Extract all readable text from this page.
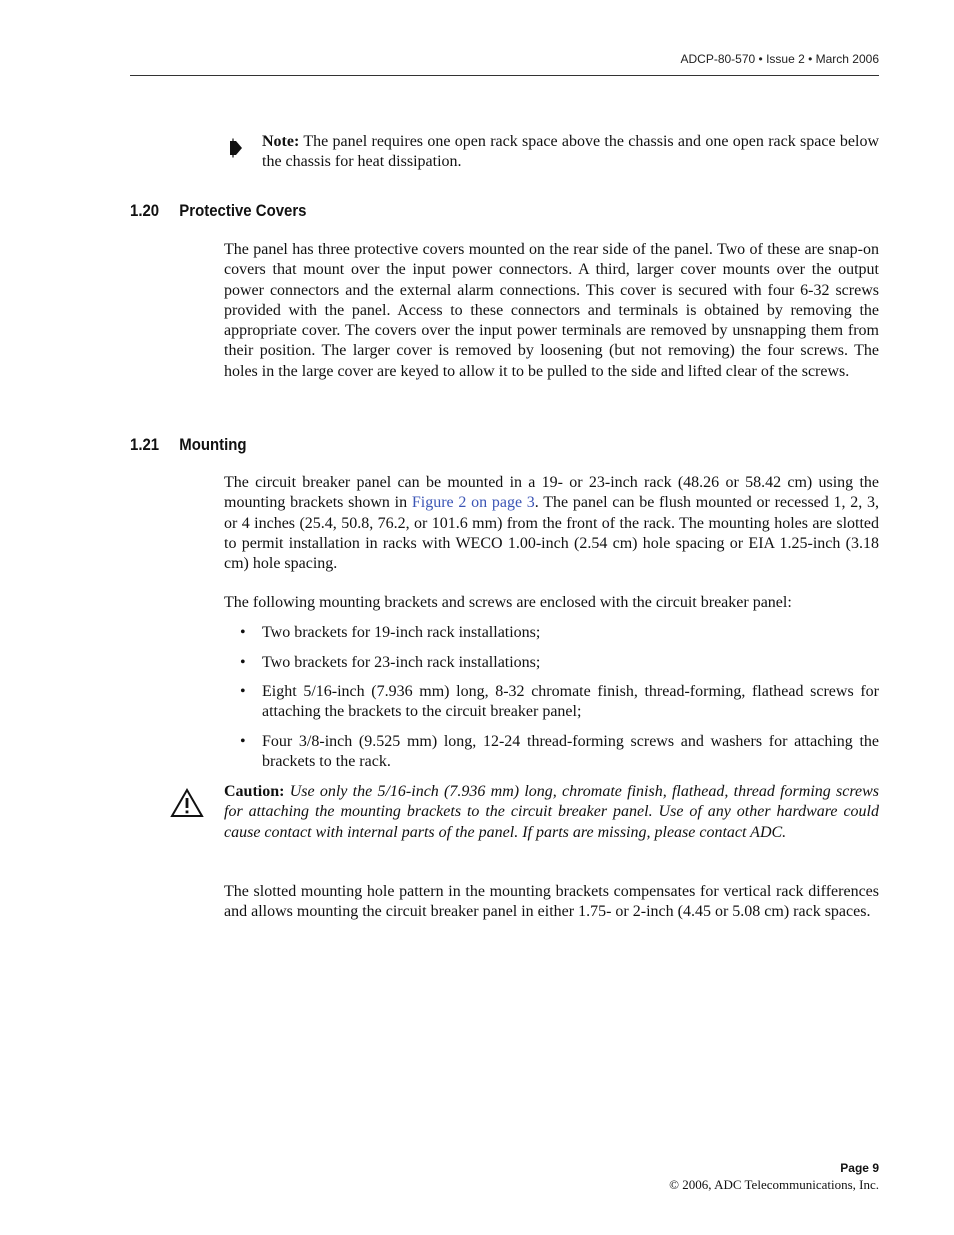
ADCP-80-570 • Issue 2 • March 2006
Note: The panel requires one open rack space above the chassis and one open rack space below the chassis for heat dissipation.
1.20 Protective Covers
The panel has three protective covers mounted on the rear side of the panel. Two of these are snap-on covers that mount over the input power connectors. A third, larger cover mounts over the output power connectors and the external alarm connections. This cover is secured with four 6-32 screws provided with the panel. Access to these connectors and terminals is obtained by removing the appropriate cover. The covers over the input power terminals are removed by unsnapping them from their position. The larger cover is removed by loosening (but not removing) the four screws. The holes in the large cover are keyed to allow it to be pulled to the side and lifted clear of the screws.
1.21 Mounting
The circuit breaker panel can be mounted in a 19- or 23-inch rack (48.26 or 58.42 cm) using the mounting brackets shown in Figure 2 on page 3. The panel can be flush mounted or recessed 1, 2, 3, or 4 inches (25.4, 50.8, 76.2, or 101.6 mm) from the front of the rack. The mounting holes are slotted to permit installation in racks with WECO 1.00-inch (2.54 cm) hole spacing or EIA 1.25-inch (3.18 cm) hole spacing.
The following mounting brackets and screws are enclosed with the circuit breaker panel:
• Two brackets for 19-inch rack installations;
• Two brackets for 23-inch rack installations;
• Eight 5/16-inch (7.936 mm) long, 8-32 chromate finish, thread-forming, flathead screws for attaching the brackets to the circuit breaker panel;
• Four 3/8-inch (9.525 mm) long, 12-24 thread-forming screws and washers for attaching the brackets to the rack.
Caution: Use only the 5/16-inch (7.936 mm) long, chromate finish, flathead, thread forming screws for attaching the mounting brackets to the circuit breaker panel. Use of any other hardware could cause contact with internal parts of the panel. If parts are missing, please contact ADC.
The slotted mounting hole pattern in the mounting brackets compensates for vertical rack differences and allows mounting the circuit breaker panel in either 1.75- or 2-inch (4.45 or 5.08 cm) rack spaces.
Page 9
© 2006, ADC Telecommunications, Inc.
